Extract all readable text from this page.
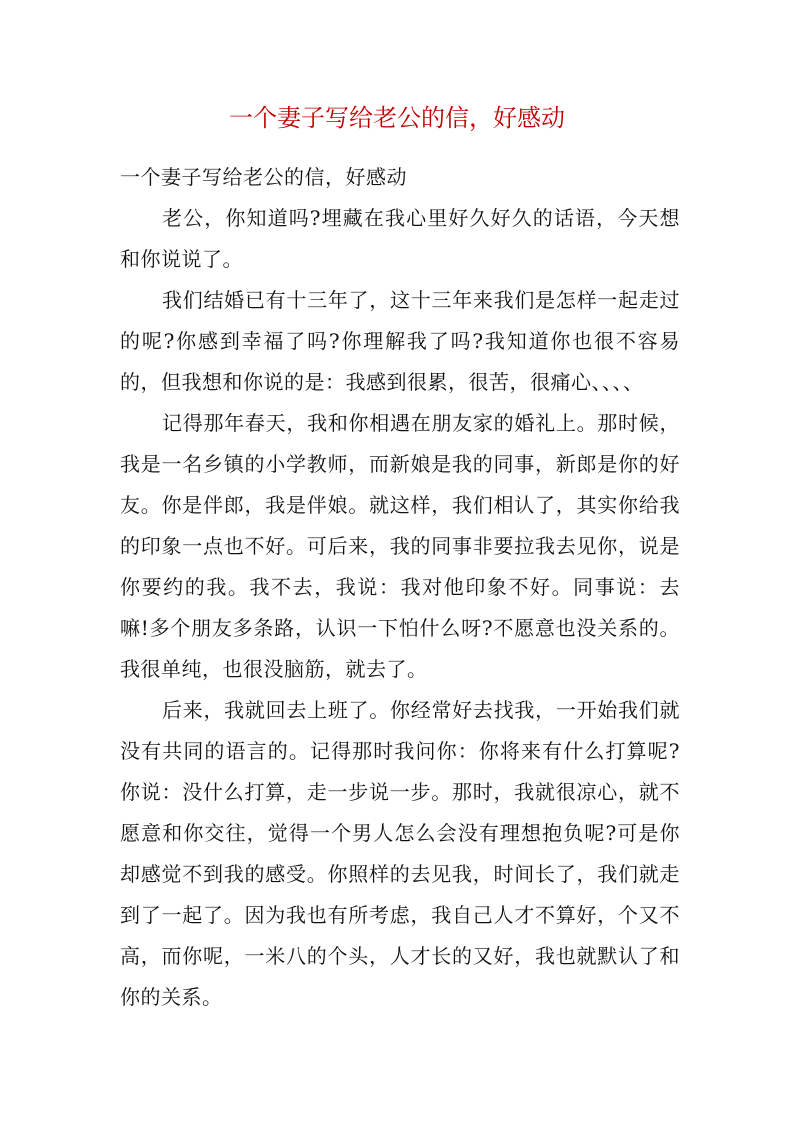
一个妻子写给老公的信，好感动

一个妻子写给老公的信，好感动

老公，你知道吗?埋藏在我心里好久好久的话语，今天想和你说说了。

我们结婚已有十三年了，这十三年来我们是怎样一起走过的呢?你感到幸福了吗?你理解我了吗?我知道你也很不容易的，但我想和你说的是：我感到很累，很苦，很痛心、、、、

记得那年春天，我和你相遇在朋友家的婚礼上。那时候，我是一名乡镇的小学教师，而新娘是我的同事，新郎是你的好友。你是伴郎，我是伴娘。就这样，我们相认了，其实你给我的印象一点也不好。可后来，我的同事非要拉我去见你，说是你要约的我。我不去，我说：我对他印象不好。同事说：去嘛!多个朋友多条路，认识一下怕什么呀?不愿意也没关系的。我很单纯，也很没脑筋，就去了。

后来，我就回去上班了。你经常好去找我，一开始我们就没有共同的语言的。记得那时我问你：你将来有什么打算呢?你说：没什么打算，走一步说一步。那时，我就很凉心，就不愿意和你交往，觉得一个男人怎么会没有理想抱负呢?可是你却感觉不到我的感受。你照样的去见我，时间长了，我们就走到了一起了。因为我也有所考虑，我自己人才不算好，个又不高，而你呢，一米八的个头，人才长的又好，我也就默认了和你的关系。
